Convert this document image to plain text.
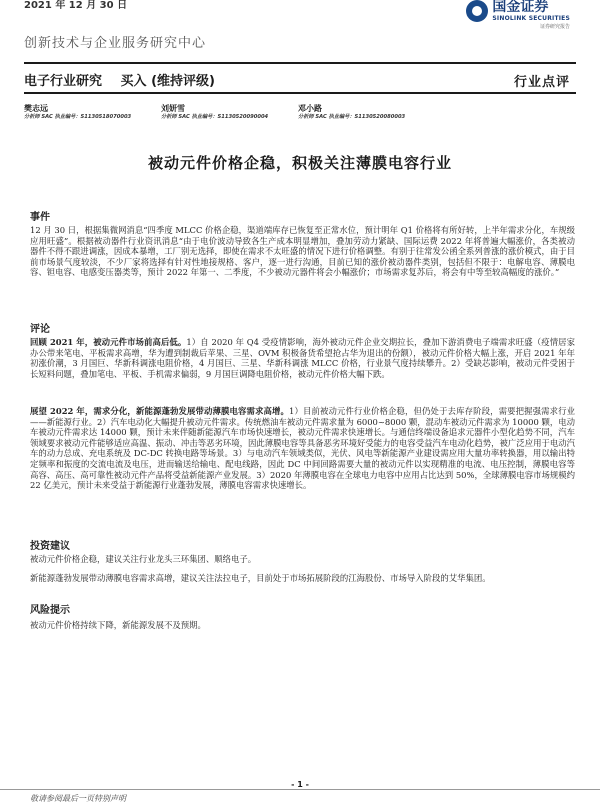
2021 年 12 月 30 日	国金证券
SINOLINK SECURITIES
证券研究报告
创新技术与企业服务研究中心
电子行业研究 买入 (维持评级)	行业点评
樊志远
分析师 SAC 执业编号：S1130518070003
刘妍雪
分析师 SAC 执业编号：S1130520090004
邓小路
分析师 SAC 执业编号：S1130520080003
被动元件价格企稳，积极关注薄膜电容行业
事件
12 月 30 日，根据集微网消息“四季度 MLCC 价格企稳，渠道端库存已恢复至正常水位，预计明年 Q1 价格将有所好转，上半年需求分化，车规级应用旺盛”。根据被动器件行业资讯消息“由于电价波动导致各生产成本明显增加，叠加劳动力紧缺、国际运费 2022 年将普遍大幅涨价，各类被动器件不得不跟进调涨，因成本暴增，工厂别无选择，即使在需求不太旺盛的情况下进行价格调整。有别于往常发公函全系列普涨的涨价模式，由于目前市场景气度较淡，不少厂家将选择有针对性地接规格、客户，逐一进行沟通，目前已知的涨价被动器件类别，包括但不限于：电解电容、薄膜电容、钽电容、电感变压器类等，预计 2022 年第一、二季度，不少被动元器件将会小幅涨价；市场需求复苏后，将会有中等至较高幅度的涨价。”
评论
回顾 2021 年，被动元件市场前高后低。1）自 2020 年 Q4 受疫情影响，海外被动元件企业交期拉长，叠加下游消费电子端需求旺盛（疫情居家办公带来笔电、平板需求高增，华为遭到制裁后苹果、三星、OVM 积极备货希望抢占华为退出的份额），被动元件价格大幅上涨，开启 2021 年年初涨价潮，3 月国巨、华新科调涨电阻价格，4 月国巨、三星、华新科调涨 MLCC 价格，行业景气度持续攀升。2）受缺芯影响，被动元件受困于长短料问题，叠加笔电、平板、手机需求偏弱，9 月国巨调降电阻价格，被动元件价格大幅下跌。
展望 2022 年，需求分化，新能源蓬勃发展带动薄膜电容需求高增。1）目前被动元件行业价格企稳，但仍处于去库存阶段，需要把握强需求行业——新能源行业。2）汽车电动化大幅提升被动元件需求。传统燃油车被动元件需求量为 6000~8000 颗，混动车被动元件需求为 10000 颗，电动车被动元件需求达 14000 颗，预计未来伴随新能源汽车市场快速增长，被动元件需求快速增长。与通信终端设备追求元器件小型化趋势不同，汽车领域要求被动元件能够适应高温、振动、冲击等恶劣环境，因此薄膜电容等具备恶劣环境好受能力的电容受益汽车电动化趋势，被广泛应用于电动汽车的动力总成、充电系统及 DC-DC 转换电路等场景。3）与电动汽车领域类似，光伏、风电等新能源产业建设需应用大量功率转换器，用以输出特定频率和振度的交流电流及电压，进而输送给输电、配电线路，因此 DC 中间回路需要大量的被动元件以实现精准的电流、电压控制，薄膜电容等高容、高压、高可靠性被动元件产品将受益新能源产业发展。3）2020 年薄膜电容在全球电力电容中应用占比达到 50%，全球薄膜电容市场规模约 22 亿美元，预计未来受益于新能源行业蓬勃发展，薄膜电容需求快速增长。
投资建议
被动元件价格企稳，建议关注行业龙头三环集团、顺络电子。
新能源蓬勃发展带动薄膜电容需求高增，建议关注法拉电子，目前处于市场拓展阶段的江海股份、市场导入阶段的艾华集团。
风险提示
被动元件价格持续下降，新能源发展不及预期。
- 1 -
敬请参阅最后一页特别声明
